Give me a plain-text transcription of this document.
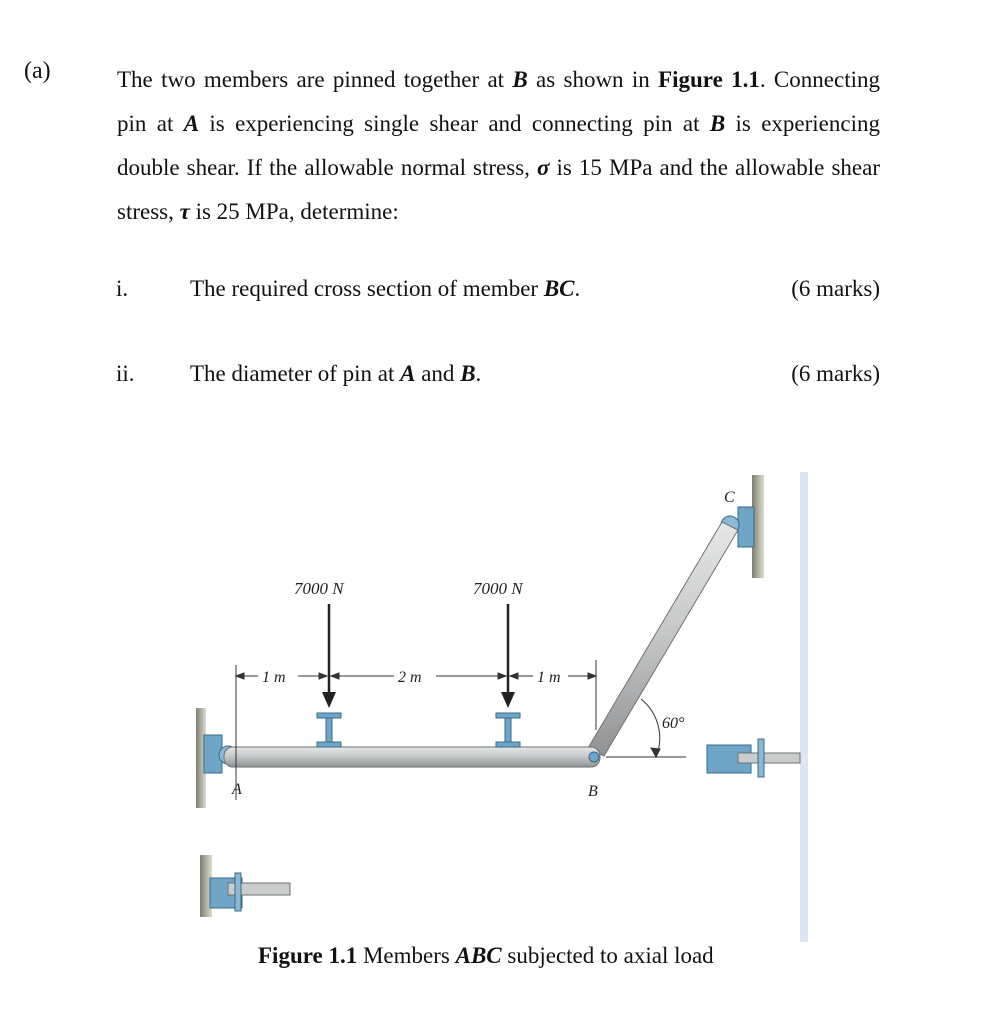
(a)	The two members are pinned together at B as shown in Figure 1.1. Connecting pin at A is experiencing single shear and connecting pin at B is experiencing double shear. If the allowable normal stress, σ is 15 MPa and the allowable shear stress, τ is 25 MPa, determine:
i.	The required cross section of member BC.	(6 marks)
ii. The diameter of pin at A and B.	(6 marks)
7000 N	7000 N
1 m	2 m	1 m
60°
A	B
C
Figure 1.1 Members ABC subjected to axial load
